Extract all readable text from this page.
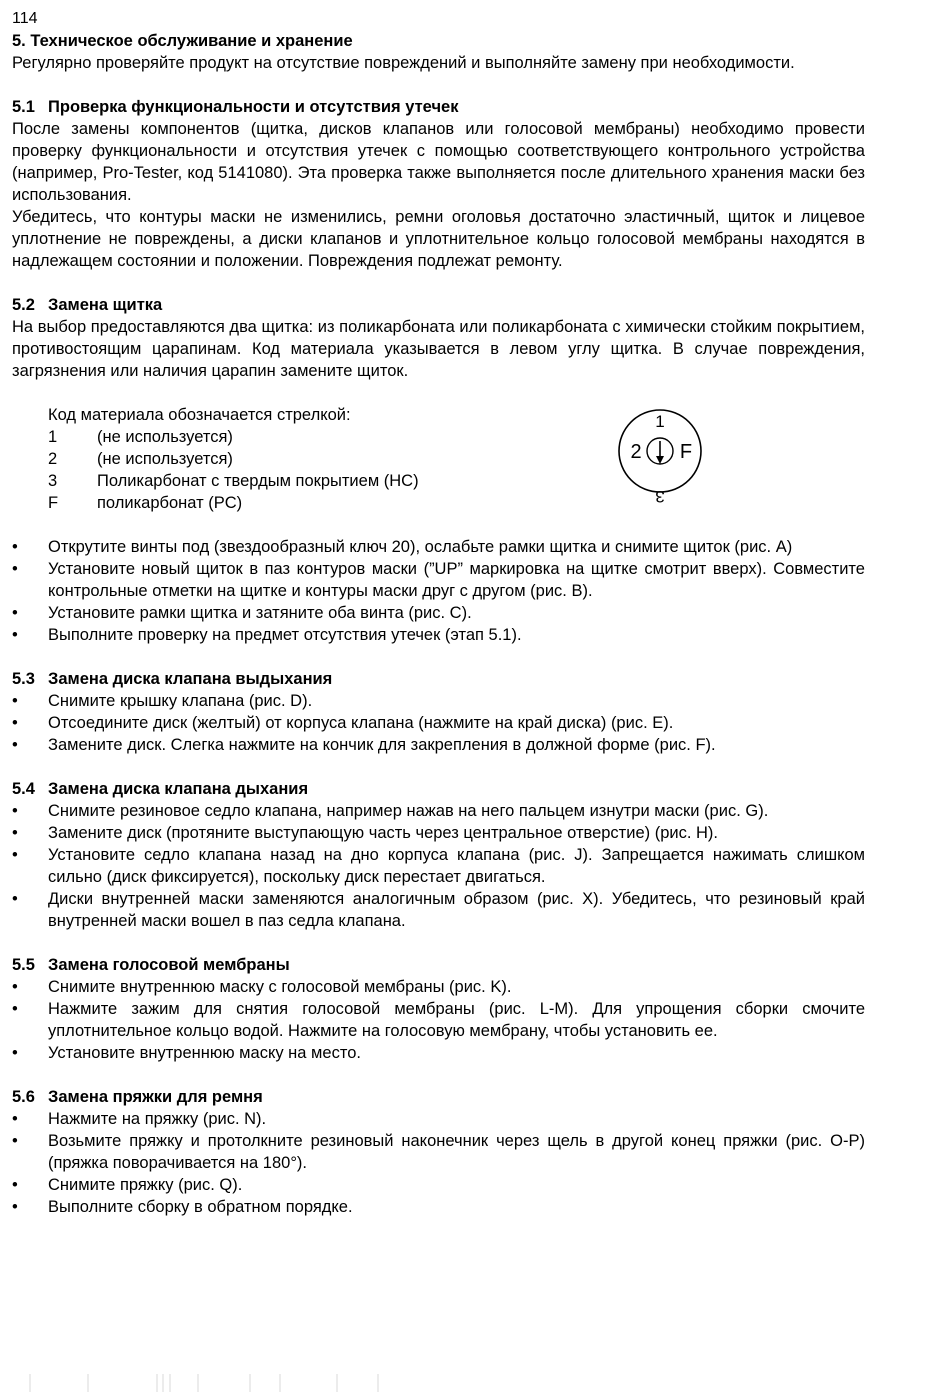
114
5. Техническое обслуживание и хранение

Регулярно проверяйте продукт на отсутствие повреждений и выполняйте замену при необходимости.

5.1 Проверка функциональности и отсутствия утечек

После замены компонентов (щитка, дисков клапанов или голосовой мембраны) необходимо провести проверку функциональности и отсутствия утечек с помощью соответствующего контрольного устройства (например, Pro-Tester, код 5141080). Эта проверка также выполняется после длительного хранения маски без использования.

Убедитесь, что контуры маски не изменились, ремни оголовья достаточно эластичный, щиток и лицевое уплотнение не повреждены, а диски клапанов и уплотнительное кольцо голосовой мембраны находятся в надлежащем состоянии и положении. Повреждения подлежат ремонту.

5.2 Замена щитка

На выбор предоставляются два щитка: из поликарбоната или поликарбоната с химически стойким покрытием, противостоящим царапинам. Код материала указывается в левом углу щитка. В случае повреждения, загрязнения или наличия царапин замените щиток.

Код материала обозначается стрелкой:
1	(не используется)
2	(не используется)
3	Поликарбонат с твердым покрытием (НС)
F	поликарбонат (PC)
1
2 F
3
• Открутите винты под (звездообразный ключ 20), ослабьте рамки щитка и снимите щиток (рис. A)
• Установите новый щиток в паз контуров маски (”UP” маркировка на щитке смотрит вверх). Совместите контрольные отметки на щитке и контуры маски друг с другом (рис. B).
• Установите рамки щитка и затяните оба винта (рис. C).
• Выполните проверку на предмет отсутствия утечек (этап 5.1).
5.3 Замена диска клапана выдыхания
• Снимите крышку клапана (рис. D).
• Отсоедините диск (желтый) от корпуса клапана (нажмите на край диска) (рис. E).
• Замените диск. Слегка нажмите на кончик для закрепления в должной форме (рис. F).
5.4 Замена диска клапана дыхания
• Снимите резиновое седло клапана, например нажав на него пальцем изнутри маски (рис. G).
• Замените диск (протяните выступающую часть через центральное отверстие) (рис. H).
• Установите седло клапана назад на дно корпуса клапана (рис. J). Запрещается нажимать слишком сильно (диск фиксируется), поскольку диск перестает двигаться.
• Диски внутренней маски заменяются аналогичным образом (рис. X). Убедитесь, что резиновый край внутренней маски вошел в паз седла клапана.
5.5 Замена голосовой мембраны
• Снимите внутреннюю маску с голосовой мембраны (рис. K).
• Нажмите зажим для снятия голосовой мембраны (рис. L-M). Для упрощения сборки смочите уплотнительное кольцо водой. Нажмите на голосовую мембрану, чтобы установить ее.
• Установите внутреннюю маску на место.
5.6 Замена пряжки для ремня
• Нажмите на пряжку (рис. N).
• Возьмите пряжку и протолкните резиновый наконечник через щель в другой конец пряжки (рис. O-P) (пряжка поворачивается на 180°).
• Снимите пряжку (рис. Q).
• Выполните сборку в обратном порядке.
